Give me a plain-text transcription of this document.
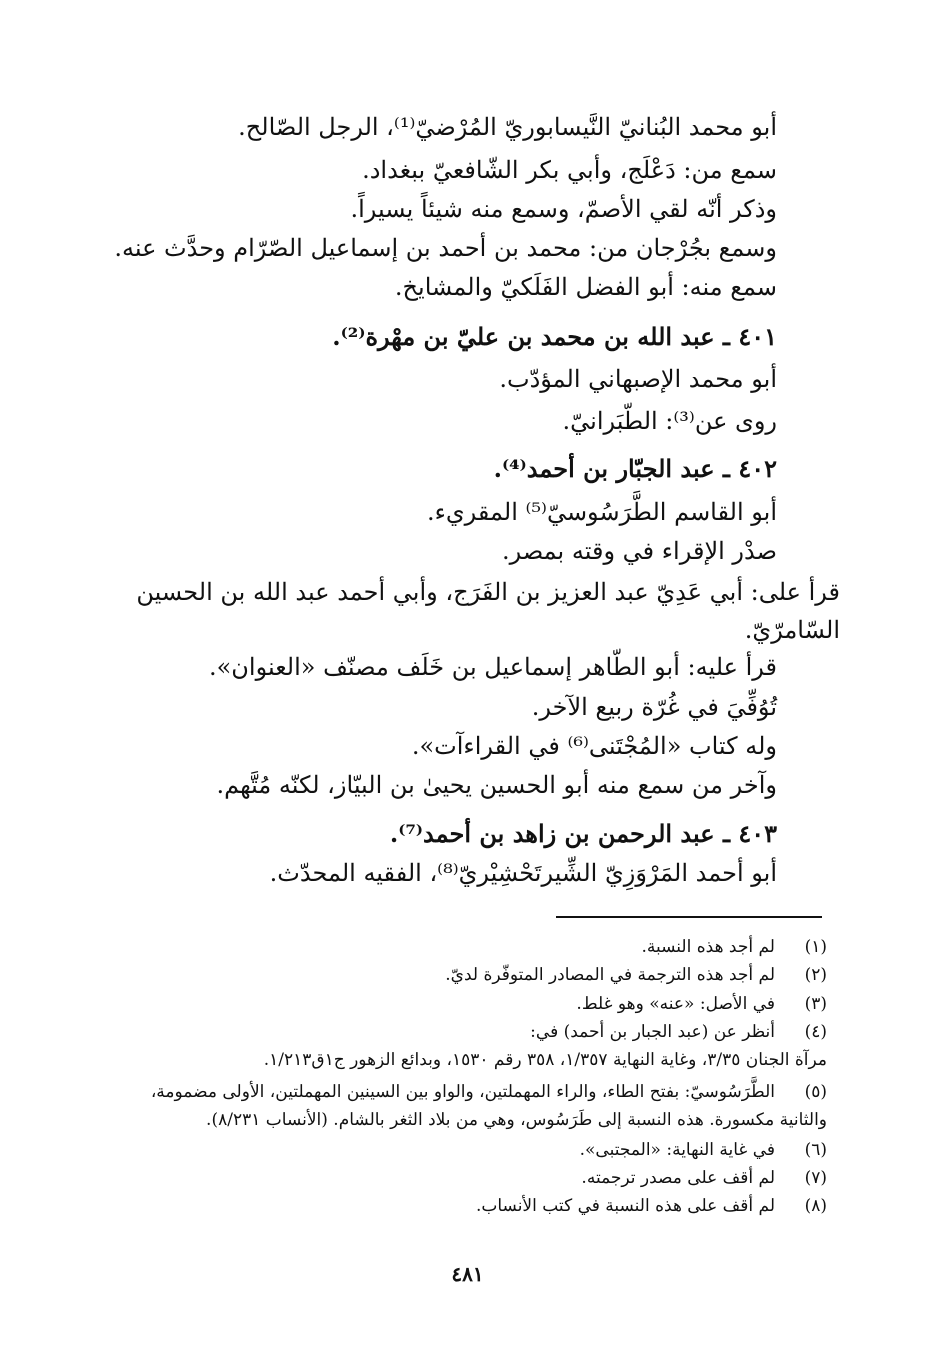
أبو محمد البُنانيّ النَّيسابوريّ المُرْضيّ⁽¹⁾، الرجل الصّالح.
سمع من: دَعْلَج، وأبي بكر الشّافعيّ ببغداد.
وذكر أنّه لقي الأصمّ، وسمع منه شيئاً يسيراً.
وسمع بجُرْجان من: محمد بن أحمد بن إسماعيل الصّرّام وحدَّث عنه.
سمع منه: أبو الفضل الفَلَكيّ والمشايخ.
٤٠١ ـ عبد الله بن محمد بن عليّ بن مهْرة⁽²⁾.
أبو محمد الإصبهاني المؤدّب.
روى عن⁽³⁾: الطّبَرانيّ.
٤٠٢ ـ عبد الجبّار بن أحمد⁽⁴⁾.
أبو القاسم الطَّرَسُوسيّ⁽⁵⁾ المقريء.
صدْر الإقراء في وقته بمصر.
قرأ على: أبي عَدِيّ عبد العزيز بن الفَرَج، وأبي أحمد عبد الله بن الحسين
السّامرّيّ.
قرأ عليه: أبو الطّاهر إسماعيل بن خَلَف مصنّف «العنوان».
تُوُفِّيَ في غُرّة ربيع الآخر.
وله كتاب «المُجْتَنى⁽⁶⁾ في القراءآت».
وآخر من سمع منه أبو الحسين يحيىٰ بن البيّاز، لكنّه مُتَّهم.
٤٠٣ ـ عبد الرحمن بن زاهد بن أحمد⁽⁷⁾.
أبو أحمد المَرْوَزِيّ الشِّيرتَحْشِيْريّ⁽⁸⁾، الفقيه المحدّث.
(١)
لم أجد هذه النسبة.
(٢)
لم أجد هذه الترجمة في المصادر المتوفّرة لديّ.
(٣)
في الأصل: «عنه» وهو غلط.
(٤)
أنظر عن (عبد الجبار بن أحمد) في:
مرآة الجنان ٣/٣٥، وغاية النهاية ١/٣٥٧، ٣٥٨ رقم ١٥٣٠، وبدائع الزهور ج١ق١/٢١٣.
(٥)
الطَّرَسُوسيّ: بفتح الطاء، والراء المهملتين، والواو بين السينين المهملتين، الأولى مضمومة،
والثانية مكسورة. هذه النسبة إلى طَرَسُوس، وهي من بلاد الثغر بالشام. (الأنساب ٨/٢٣١).
(٦)
في غاية النهاية: «المجتبى».
(٧)
لم أقف على مصدر ترجمته.
(٨)
لم أقف على هذه النسبة في كتب الأنساب.
٤٨١
